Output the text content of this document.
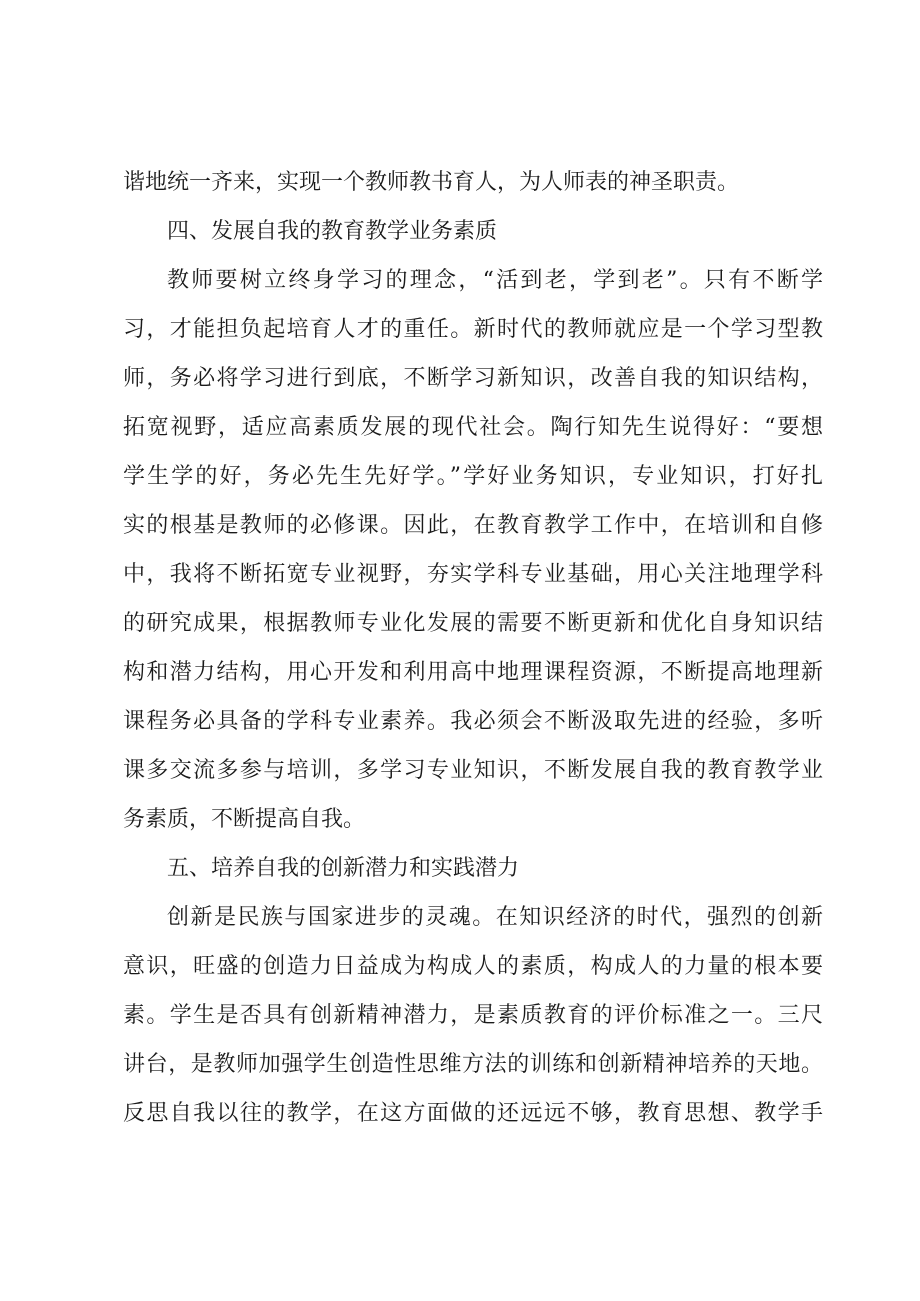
谐地统一齐来，实现一个教师教书育人，为人师表的神圣职责。
四、发展自我的教育教学业务素质
教师要树立终身学习的理念，“活到老，学到老”。只有不断学
习，才能担负起培育人才的重任。新时代的教师就应是一个学习型教
师，务必将学习进行到底，不断学习新知识，改善自我的知识结构，
拓宽视野，适应高素质发展的现代社会。陶行知先生说得好：“要想
学生学的好，务必先生先好学。”学好业务知识，专业知识，打好扎
实的根基是教师的必修课。因此，在教育教学工作中，在培训和自修
中，我将不断拓宽专业视野，夯实学科专业基础，用心关注地理学科
的研究成果，根据教师专业化发展的需要不断更新和优化自身知识结
构和潜力结构，用心开发和利用高中地理课程资源，不断提高地理新
课程务必具备的学科专业素养。我必须会不断汲取先进的经验，多听
课多交流多参与培训，多学习专业知识，不断发展自我的教育教学业
务素质，不断提高自我。
五、培养自我的创新潜力和实践潜力
创新是民族与国家进步的灵魂。在知识经济的时代，强烈的创新
意识，旺盛的创造力日益成为构成人的素质，构成人的力量的根本要
素。学生是否具有创新精神潜力，是素质教育的评价标准之一。三尺
讲台，是教师加强学生创造性思维方法的训练和创新精神培养的天地。
反思自我以往的教学，在这方面做的还远远不够，教育思想、教学手
